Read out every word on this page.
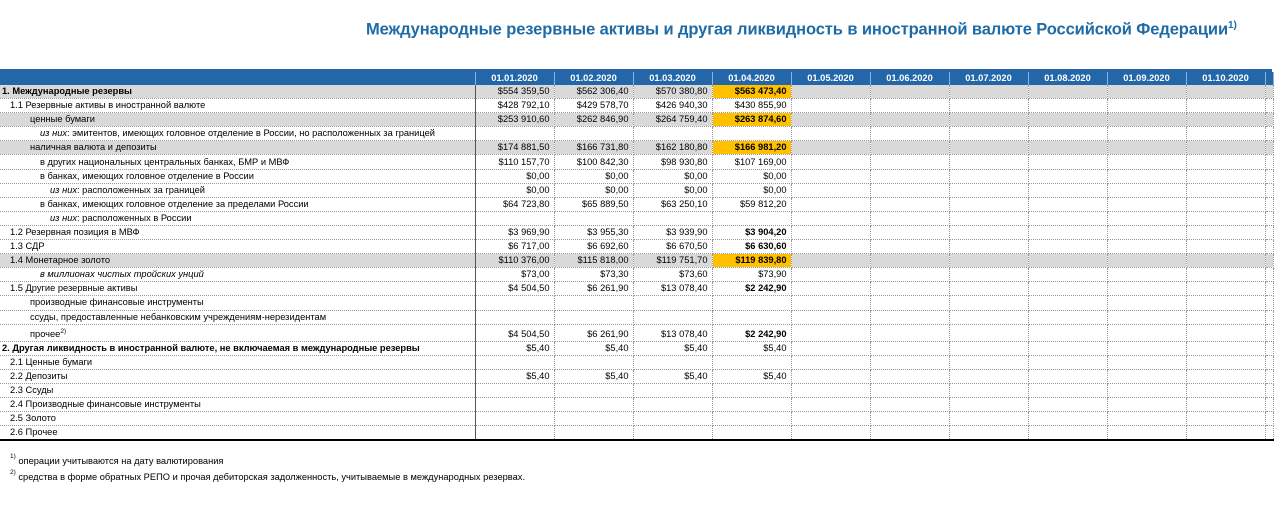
Международные резервные активы и другая ликвидность в иностранной валюте Российской Федерации$^{1)}$
	01.01.2020	01.02.2020	01.03.2020	01.04.2020	01.05.2020	01.06.2020	01.07.2020	01.08.2020	01.09.2020	01.10.2020	
1. Международные резервы	$554 359,50	$562 306,40	$570 380,80	$563 473,40							
1.1 Резервные активы в иностранной валюте	$428 792,10	$429 578,70	$426 940,30	$430 855,90							
ценные бумаги	$253 910,60	$262 846,90	$264 759,40	$263 874,60							
из них: эмитентов, имеющих головное отделение в России, но расположенных за границей											
наличная валюта и депозиты	$174 881,50	$166 731,80	$162 180,80	$166 981,20							
в других национальных центральных банках, БМР и МВФ	$110 157,70	$100 842,30	$98 930,80	$107 169,00							
в банках, имеющих головное отделение в России	$0,00	$0,00	$0,00	$0,00							
из них: расположенных за границей	$0,00	$0,00	$0,00	$0,00							
в банках, имеющих головное отделение за пределами России	$64 723,80	$65 889,50	$63 250,10	$59 812,20							
из них: расположенных в России											
1.2 Резервная позиция в МВФ	$3 969,90	$3 955,30	$3 939,90	$3 904,20							
1.3 СДР	$6 717,00	$6 692,60	$6 670,50	$6 630,60							
1.4 Монетарное золото	$110 376,00	$115 818,00	$119 751,70	$119 839,80							
в миллионах чистых тройских унций	$73,00	$73,30	$73,60	$73,90							
1.5 Другие резервные активы	$4 504,50	$6 261,90	$13 078,40	$2 242,90							
производные финансовые инструменты											
ссуды, предоставленные небанковским учреждениям-нерезидентам											
прочее$^{2)}$	$4 504,50	$6 261,90	$13 078,40	$2 242,90							
2. Другая ликвидность в иностранной валюте, не включаемая в международные резервы	$5,40	$5,40	$5,40	$5,40							
2.1 Ценные бумаги											
2.2 Депозиты	$5,40	$5,40	$5,40	$5,40							
2.3 Ссуды											
2.4 Производные финансовые инструменты											
2.5 Золото											
2.6 Прочее											
$^{1)}$ операции учитываются на дату валютирования
$^{2)}$ средства в форме обратных РЕПО и прочая дебиторская задолженность, учитываемые в международных резервах.
